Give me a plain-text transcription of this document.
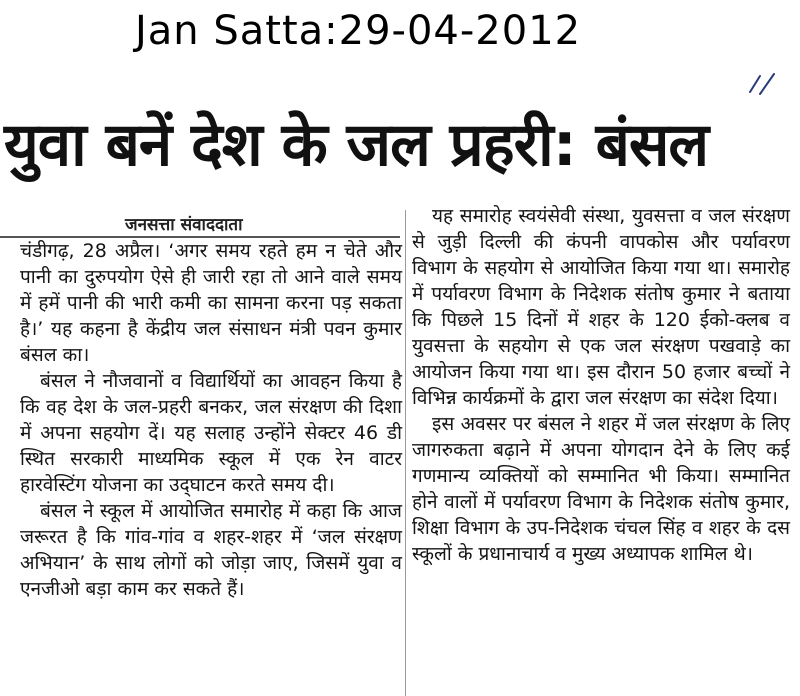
Jan Satta:29-04-2012
युवा बनें देश के जल प्रहरी: बंसल
जनसत्ता संवाददाता

चंडीगढ़, 28 अप्रैल। ‘अगर समय रहते हम न चेते और पानी का दुरुपयोग ऐसे ही जारी रहा तो आने वाले समय में हमें पानी की भारी कमी का सामना करना पड़ सकता है।’ यह कहना है केंद्रीय जल संसाधन मंत्री पवन कुमार बंसल का।

बंसल ने नौजवानों व विद्यार्थियों का आवहन किया है कि वह देश के जल-प्रहरी बनकर, जल संरक्षण की दिशा में अपना सहयोग दें। यह सलाह उन्होंने सेक्टर 46 डी स्थित सरकारी माध्यमिक स्कूल में एक रेन वाटर हारवेस्टिंग योजना का उद्‌घाटन करते समय दी।

बंसल ने स्कूल में आयोजित समारोह में कहा कि आज जरूरत है कि गांव-गांव व शहर-शहर में ‘जल संरक्षण अभियान’ के साथ लोगों को जोड़ा जाए, जिसमें युवा व एनजीओ बड़ा काम कर सकते हैं।

यह समारोह स्वयंसेवी संस्था, युवसत्ता व जल संरक्षण से जुड़ी दिल्ली की कंपनी वापकोस और पर्यावरण विभाग के सहयोग से आयोजित किया गया था। समारोह में पर्यावरण विभाग के निदेशक संतोष कुमार ने बताया कि पिछले 15 दिनों में शहर के 120 ईको-क्लब व युवसत्ता के सहयोग से एक जल संरक्षण पखवाड़े का आयोजन किया गया था। इस दौरान 50 हजार बच्चों ने विभिन्न कार्यक्रमों के द्वारा जल संरक्षण का संदेश दिया।

इस अवसर पर बंसल ने शहर में जल संरक्षण के लिए जागरुकता बढ़ाने में अपना योगदान देने के लिए कई गणमान्य व्यक्तियों को सम्मानित भी किया। सम्मानित होने वालों में पर्यावरण विभाग के निदेशक संतोष कुमार, शिक्षा विभाग के उप-निदेशक चंचल सिंह व शहर के दस स्कूलों के प्रधानाचार्य व मुख्य अध्यापक शामिल थे।
